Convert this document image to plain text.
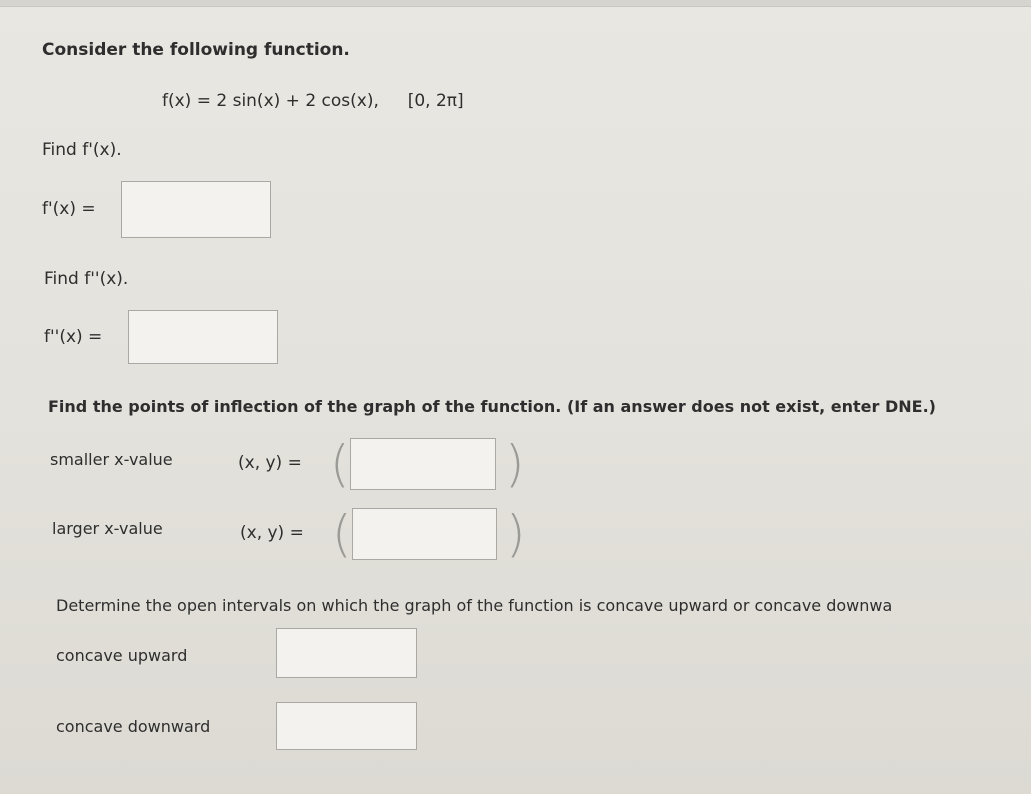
Consider the following function.
f(x) = 2 sin(x) + 2 cos(x), [0, 2π]
Find f'(x).
f'(x) =
Find f''(x).
f''(x) =
Find the points of inflection of the graph of the function. (If an answer does not exist, enter DNE.)
smaller x-value	(x, y) = (	)
larger x-value	(x, y) = (	)
Determine the open intervals on which the graph of the function is concave upward or concave downwa
concave upward
concave downward
